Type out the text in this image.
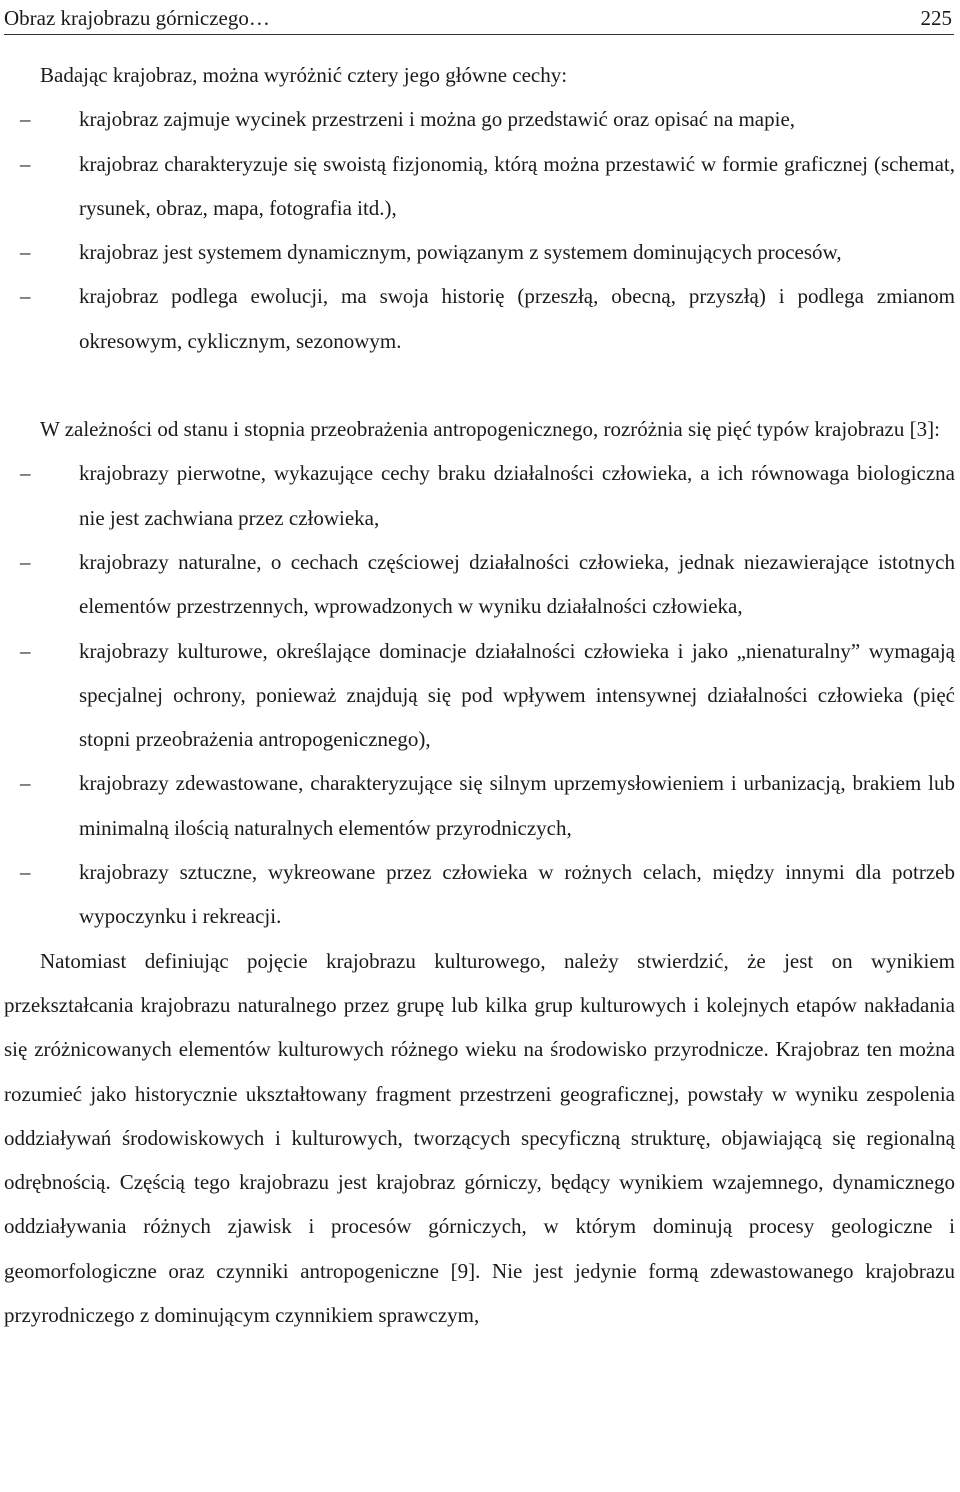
Obraz krajobrazu górniczego…	225

Badając krajobraz, można wyróżnić cztery jego główne cechy:

–	krajobraz zajmuje wycinek przestrzeni i można go przedstawić oraz opisać na mapie,
–	krajobraz charakteryzuje się swoistą fizjonomią, którą można przestawić w formie graficznej (schemat, rysunek, obraz, mapa, fotografia itd.),
–	krajobraz jest systemem dynamicznym, powiązanym z systemem dominujących procesów,
–	krajobraz podlega ewolucji, ma swoja historię (przeszłą, obecną, przyszłą) i podlega zmianom okresowym, cyklicznym, sezonowym.

W zależności od stanu i stopnia przeobrażenia antropogenicznego, rozróżnia się pięć typów krajobrazu [3]:

–	krajobrazy pierwotne, wykazujące cechy braku działalności człowieka, a ich równowaga biologiczna nie jest zachwiana przez człowieka,
–	krajobrazy naturalne, o cechach częściowej działalności człowieka, jednak niezawierające istotnych elementów przestrzennych, wprowadzonych w wyniku działalności człowieka,
–	krajobrazy kulturowe, określające dominacje działalności człowieka i jako „nienaturalny” wymagają specjalnej ochrony, ponieważ znajdują się pod wpływem intensywnej działalności człowieka (pięć stopni przeobrażenia antropogenicznego),
–	krajobrazy zdewastowane, charakteryzujące się silnym uprzemysłowieniem i urbanizacją, brakiem lub minimalną ilością naturalnych elementów przyrodniczych,
–	krajobrazy sztuczne, wykreowane przez człowieka w rożnych celach, między innymi dla potrzeb wypoczynku i rekreacji.

Natomiast definiując pojęcie krajobrazu kulturowego, należy stwierdzić, że jest on wynikiem przekształcania krajobrazu naturalnego przez grupę lub kilka grup kulturowych i kolejnych etapów nakładania się zróżnicowanych elementów kulturowych różnego wieku na środowisko przyrodnicze. Krajobraz ten można rozumieć jako historycznie ukształtowany fragment przestrzeni geograficznej, powstały w wyniku zespolenia oddziaływań środowiskowych i kulturowych, tworzących specyficzną strukturę, objawiającą się regionalną odrębnością. Częścią tego krajobrazu jest krajobraz górniczy, będący wynikiem wzajemnego, dynamicznego oddziaływania różnych zjawisk i procesów górniczych, w którym dominują procesy geologiczne i geomorfologiczne oraz czynniki antropogeniczne [9]. Nie jest jedynie formą zdewastowanego krajobrazu przyrodniczego z dominującym czynnikiem sprawczym,
